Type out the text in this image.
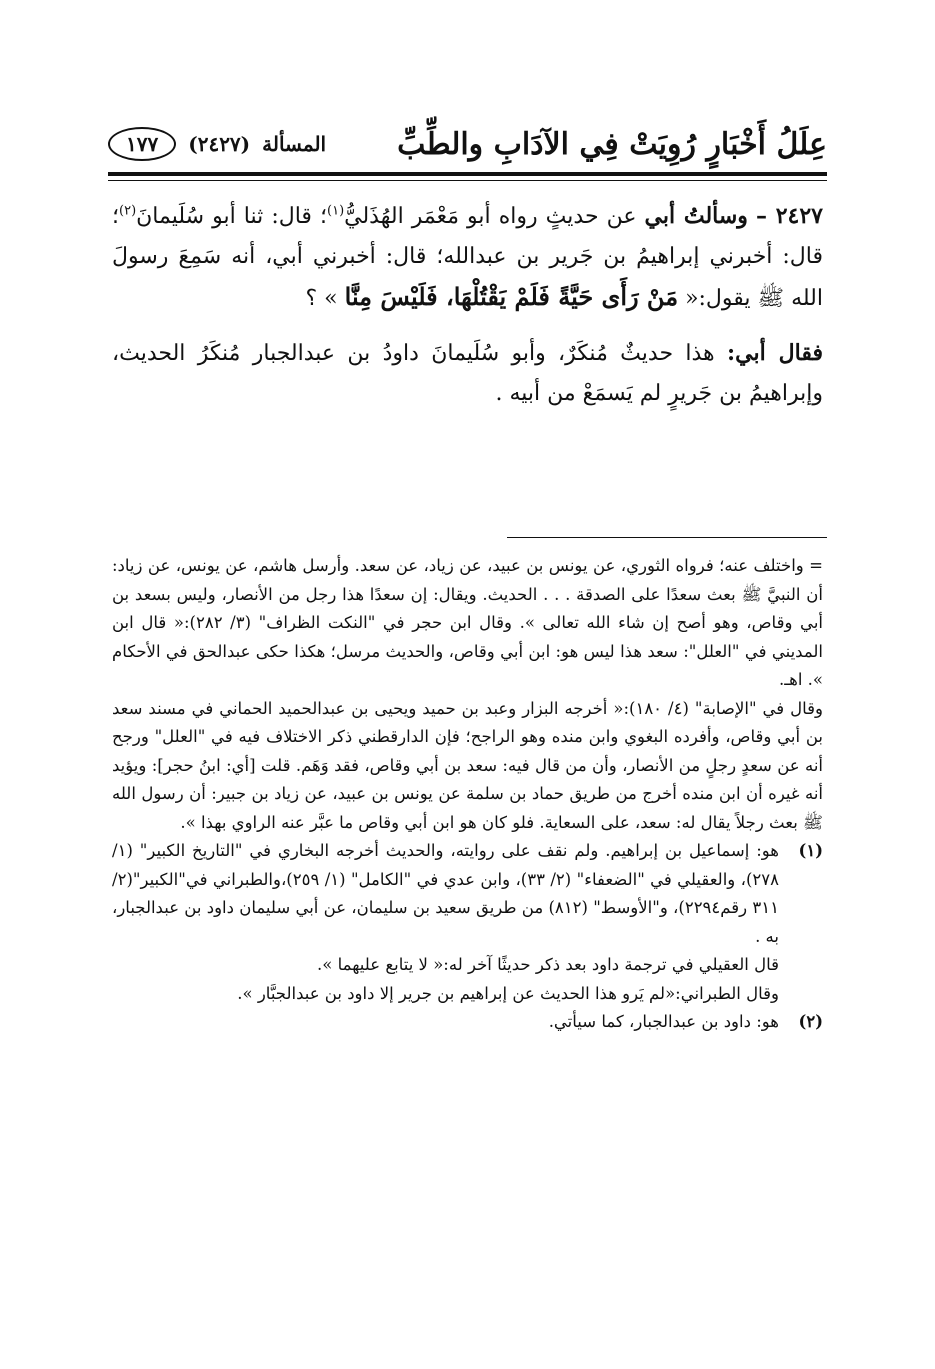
عِلَلُ أَخْبَارٍ رُوِيَتْ فِي الآدَابِ والطِّبِّ
المسألة
(٢٤٢٧)
١٧٧

٢٤٢٧ – وسألتُ أبي عن حديثٍ رواه أبو مَعْمَر الهُذَليُّ$^{(١)}$؛ قال: ثنا أبو سُلَيمانَ$^{(٢)}$؛ قال: أخبرني إبراهيمُ بن جَرير بن عبدالله؛ قال: أخبرني أبي، أنه سَمِعَ رسولَ الله ﷺ يقول:« مَنْ رَأَى حَيَّةً فَلَمْ يَقْتُلْهَا، فَلَيْسَ مِنَّا » ؟

فقال أبي: هذا حديثٌ مُنكَرٌ، وأبو سُلَيمانَ داودُ بن عبدالجبار مُنكَرُ الحديث، وإبراهيمُ بن جَريرٍ لم يَسمَعْ من أبيه .

= واختلف عنه؛ فرواه الثوري، عن يونس بن عبيد، عن زياد، عن سعد. وأرسل هاشم، عن يونس، عن زياد: أن النبيَّ ﷺ بعث سعدًا على الصدقة . . . الحديث. ويقال: إن سعدًا هذا رجل من الأنصار، وليس بسعد بن أبي وقاص، وهو أصح إن شاء الله تعالى ». وقال ابن حجر في "النكت الظراف" (٣/ ٢٨٢):« قال ابن المديني في "العلل": سعد هذا ليس هو: ابن أبي وقاص، والحديث مرسل؛ هكذا حكى عبدالحق في الأحكام ». اهـ.

وقال في "الإصابة" (٤/ ١٨٠):« أخرجه البزار وعبد بن حميد ويحيى بن عبدالحميد الحماني في مسند سعد بن أبي وقاص، وأفرده البغوي وابن منده وهو الراجح؛ فإن الدارقطني ذكر الاختلاف فيه في "العلل" ورجح أنه عن سعدٍ رجلٍ من الأنصار، وأن من قال فيه: سعد بن أبي وقاص، فقد وَهَم. قلت [أي: ابنُ حجر]: ويؤيد أنه غيره أن ابن منده أخرج من طريق حماد بن سلمة عن يونس بن عبيد، عن زياد بن جبير: أن رسول الله ﷺ بعث رجلاً يقال له: سعد، على السعاية. فلو كان هو ابن أبي وقاص ما عبَّر عنه الراوي بهذا ».

(١)

هو: إسماعيل بن إبراهيم. ولم نقف على روايته، والحديث أخرجه البخاري في "التاريخ الكبير" (١/ ٢٧٨)، والعقيلي في "الضعفاء" (٢/ ٣٣)، وابن عدي في "الكامل" (١/ ٢٥٩)،والطبراني في"الكبير"(٢/ ٣١١ رقم٢٢٩٤)، و"الأوسط" (٨١٢) من طريق سعيد بن سليمان، عن أبي سليمان داود بن عبدالجبار، به .

قال العقيلي في ترجمة داود بعد ذكر حديثًا آخر له:« لا يتابع عليهما ».

وقال الطبراني:«لم يَرو هذا الحديث عن إبراهيم بن جرير إلا داود بن عبدالجبَّار ».

(٢)

هو: داود بن عبدالجبار، كما سيأتي.
